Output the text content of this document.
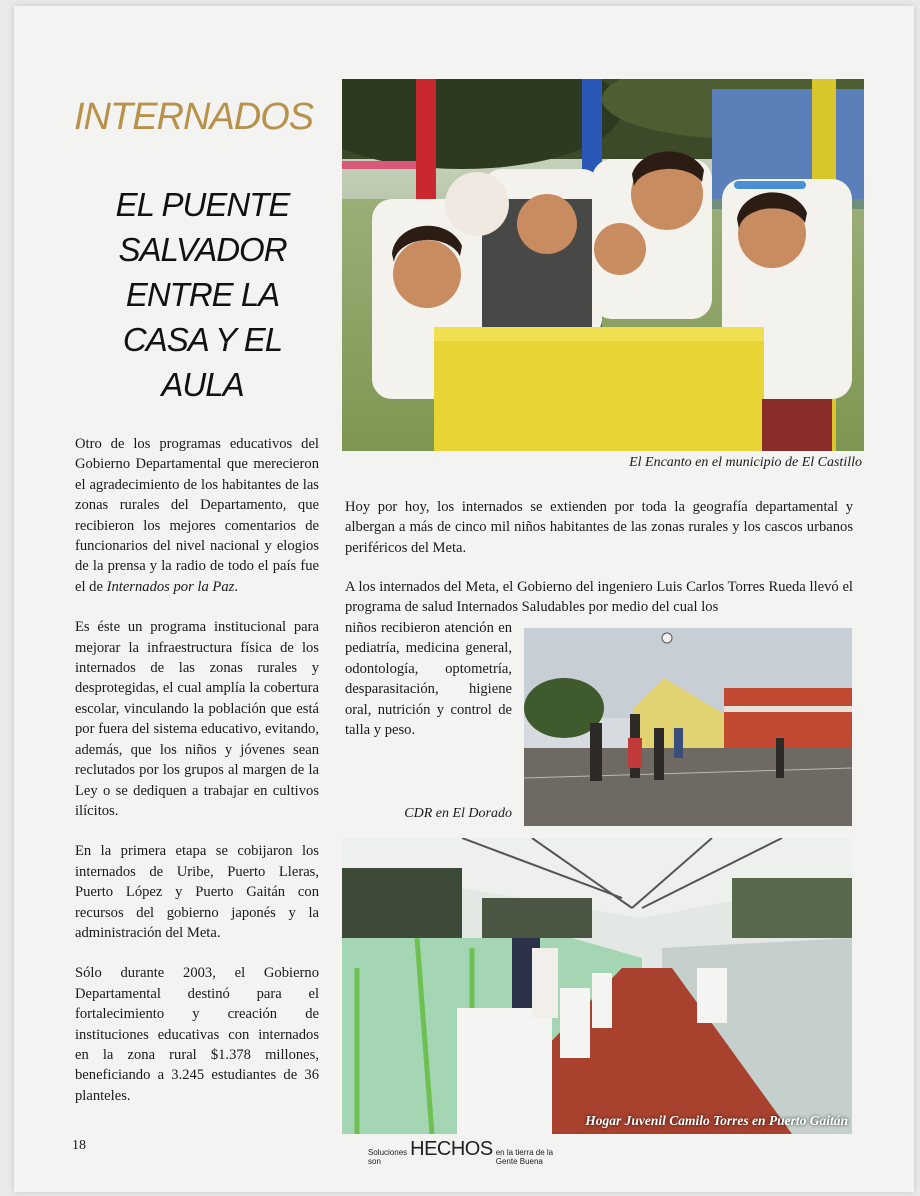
INTERNADOS
EL PUENTE
SALVADOR
ENTRE LA
CASA Y EL
AULA

Otro de los programas educativos del Gobierno Departamental que merecieron el agradecimiento de los habitantes de las zonas rurales del Departamento, que recibieron los mejores comentarios de funcionarios del nivel nacional y elogios de la prensa y la radio de todo el país fue el de Internados por la Paz.

Es éste un programa institucional para mejorar la infraestructura física de los internados de las zonas rurales y desprotegidas, el cual amplía la cobertura escolar, vinculando la población que está por fuera del sistema educativo, evitando, además, que los niños y jóvenes sean reclutados por los grupos al margen de la Ley o se dediquen a trabajar en cultivos ilícitos.

En la primera etapa se cobijaron los internados de Uribe, Puerto Lleras, Puerto López y Puerto Gaitán con recursos del gobierno japonés y la administración del Meta.

Sólo durante 2003, el Gobierno Departamental destinó para el fortalecimiento y creación de instituciones educativas con internados en la zona rural $1.378 millones, beneficiando a 3.245 estudiantes de 36 planteles.

El Encanto en el municipio de El Castillo
Hoy por hoy, los internados se extienden por toda la geografía departamental y albergan a más de cinco mil niños habitantes de las zonas rurales y los cascos urbanos periféricos del Meta.
A los internados del Meta, el Gobierno del ingeniero Luis Carlos Torres Rueda llevó el programa de salud Internados Saludables por medio del cual los
niños recibieron atención en pediatría, medicina general, odontología, optometría, desparasitación, higiene oral, nutrición y control de talla y peso.
CDR en El Dorado
Hogar Juvenil Camilo Torres en Puerto Gaitán
18	Soluciones son
HECHOS en la tierra de la Gente Buena
